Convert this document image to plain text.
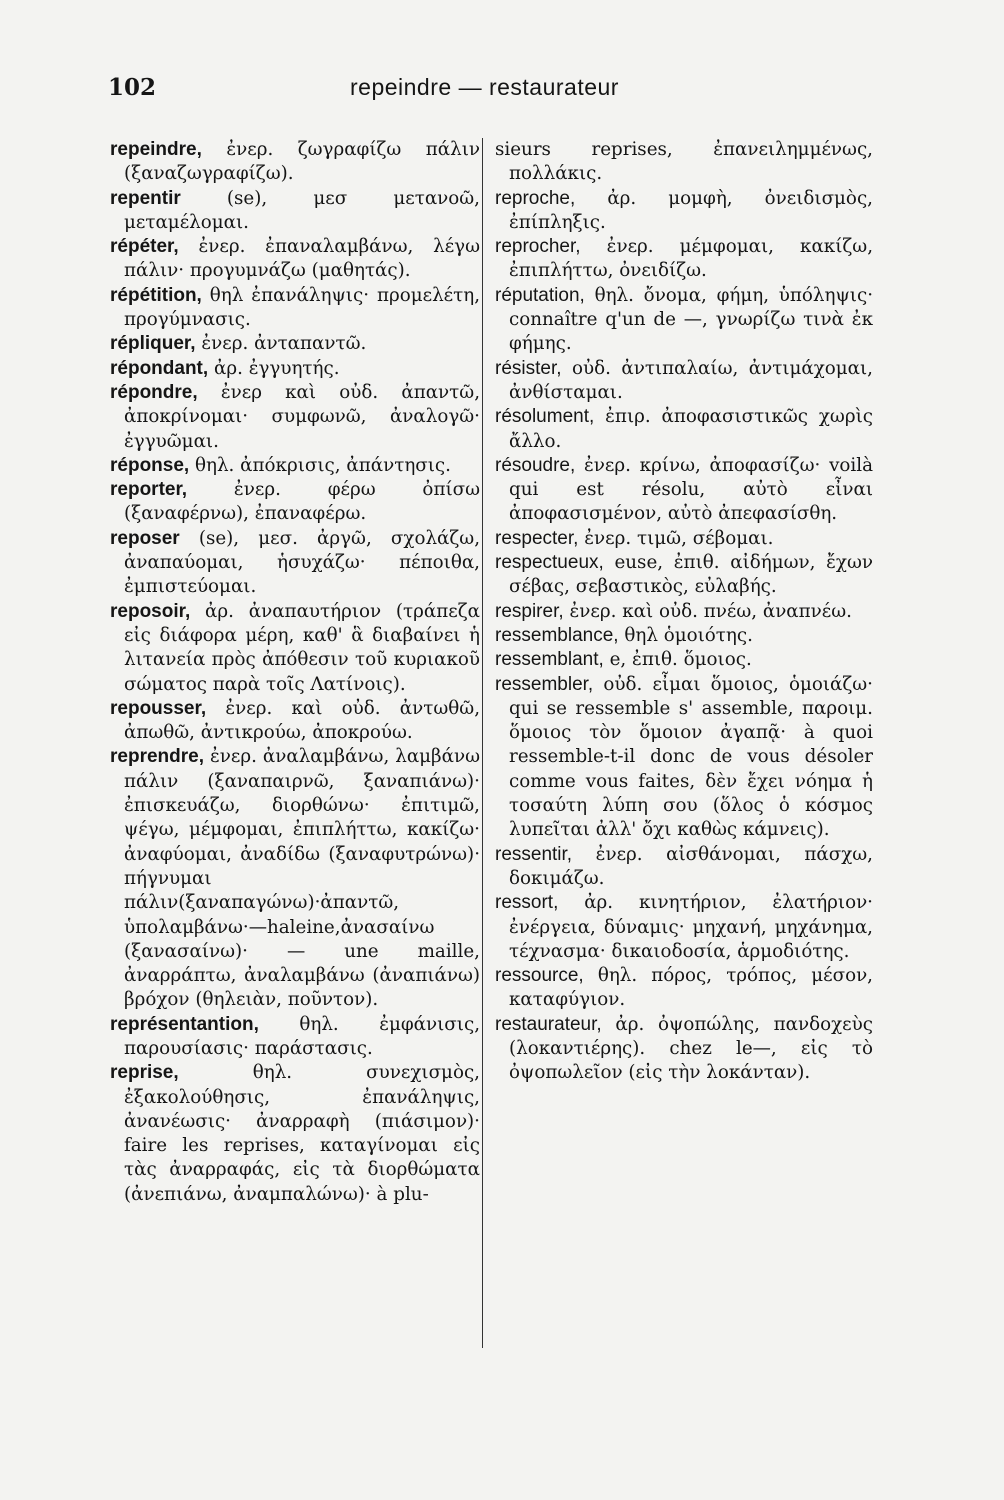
102	repeindre — restaurateur

repeindre, ἐνερ. ζωγραφίζω πάλιν (ξαναζωγραφίζω).

repentir	(se), μεσ μετανοῶ, μεταμέλομαι.

répéter, ἐνερ. ἐπαναλαμβάνω, λέγω πάλιν· προγυμνάζω (μαθητάς).

répétition, θηλ ἐπανάληψις· προμελέτη, προγύμνασις.

répliquer, ἐνερ. ἀνταπαντῶ.

répondant, ἀρ. ἐγγυητής.

répondre, ἐνερ καὶ οὐδ. ἀπαντῶ, ἀποκρίνομαι· συμφωνῶ, ἀναλογῶ· ἐγγυῶμαι.

réponse, θηλ. ἀπόκρισις, ἀπάντησις.

reporter,	ἐνερ. φέρω ὀπίσω (ξαναφέρνω), ἐπαναφέρω.

reposer (se), μεσ. ἀργῶ, σχολάζω, ἀναπαύομαι, ἡσυχάζω· πέποιθα, ἐμπιστεύομαι.

reposoir, ἀρ. ἀναπαυτήριον (τράπεζα εἰς διάφορα μέρη, καθ' ἃ διαβαίνει ἡ λιτανεία πρὸς ἀπόθεσιν τοῦ κυριακοῦ σώματος παρὰ τοῖς Λατίνοις).

repousser, ἐνερ. καὶ οὐδ. ἀντωθῶ, ἀπωθῶ, ἀντικρούω, ἀποκρούω.

reprendre, ἐνερ. ἀναλαμβάνω, λαμβάνω πάλιν (ξαναπαιρνῶ, ξαναπιάνω)· ἐπισκευάζω, διορθώνω· ἐπιτιμῶ, ψέγω, μέμφομαι, ἐπιπλήττω, κακίζω· ἀναφύομαι, ἀναδίδω (ξαναφυτρώνω)· πήγνυμαι πάλιν(ξαναπαγώνω)·ἀπαντῶ, ὑπολαμβάνω·—haleine,ἀνασαίνω (ξανασαίνω)· — une maille, ἀναρράπτω, ἀναλαμβάνω (ἀναπιάνω) βρόχον (θηλειὰν, ποῦντον).

représentantion, θηλ. ἐμφάνισις, παρουσίασις· παράστασις.

reprise,	θηλ. συνεχισμὸς, ἐξακολούθησις, ἐπανάληψις, ἀνανέωσις· ἀναρραφὴ (πιάσιμον)· faire les reprises, καταγίνομαι εἰς τὰς ἀναρραφάς, εἰς τὰ διορθώματα (ἀνεπιάνω, ἀναμπαλώνω)· à plu-

sieurs reprises, ἐπανειλημμένως, πολλάκις.

reproche, ἀρ. μομφὴ, ὀνειδισμὸς, ἐπίπληξις.

reprocher, ἐνερ. μέμφομαι, κακίζω, ἐπιπλήττω, ὀνειδίζω.

réputation, θηλ. ὄνομα, φήμη, ὑπόληψις· connaître q'un de —, γνωρίζω τινὰ ἐκ φήμης.

résister, οὐδ. ἀντιπαλαίω, ἀντιμάχομαι, ἀνθίσταμαι.

résolument, ἐπιρ. ἀποφασιστικῶς χωρὶς ἄλλο.

résoudre, ἐνερ. κρίνω, ἀποφασίζω· voilà qui est résolu, αὐτὸ εἶναι ἀποφασισμένον, αὐτὸ ἀπεφασίσθη.

respecter, ἐνερ. τιμῶ, σέβομαι.

respectueux, euse, ἐπιθ. αἰδήμων, ἔχων σέβας, σεβαστικὸς, εὐλαβής.

respirer, ἐνερ. καὶ οὐδ. πνέω, ἀναπνέω.

ressemblance, θηλ ὁμοιότης.

ressemblant, e, ἐπιθ. ὅμοιος.

ressembler, οὐδ. εἶμαι ὅμοιος, ὁμοιάζω· qui se ressemble s' assemble, παροιμ. ὅμοιος τὸν ὅμοιον ἀγαπᾷ· à quoi ressemble-t-il donc de vous désoler comme vous faites, δὲν ἔχει νόημα ἡ τοσαύτη λύπη σου (ὅλος ὁ κόσμος λυπεῖται ἀλλ' ὄχι καθὼς κάμνεις).

ressentir, ἐνερ. αἰσθάνομαι, πάσχω, δοκιμάζω.

ressort, ἀρ. κινητήριον, ἐλατήριον· ἐνέργεια, δύναμις· μηχανή, μηχάνημα, τέχνασμα· δικαιοδοσία, ἁρμοδιότης.

ressource, θηλ. πόρος, τρόπος, μέσον, καταφύγιον.

restaurateur, ἀρ. ὀψοπώλης, πανδοχεὺς (λοκαντιέρης). chez le—, εἰς τὸ ὀψοπωλεῖον (εἰς τὴν λοκάνταν).
